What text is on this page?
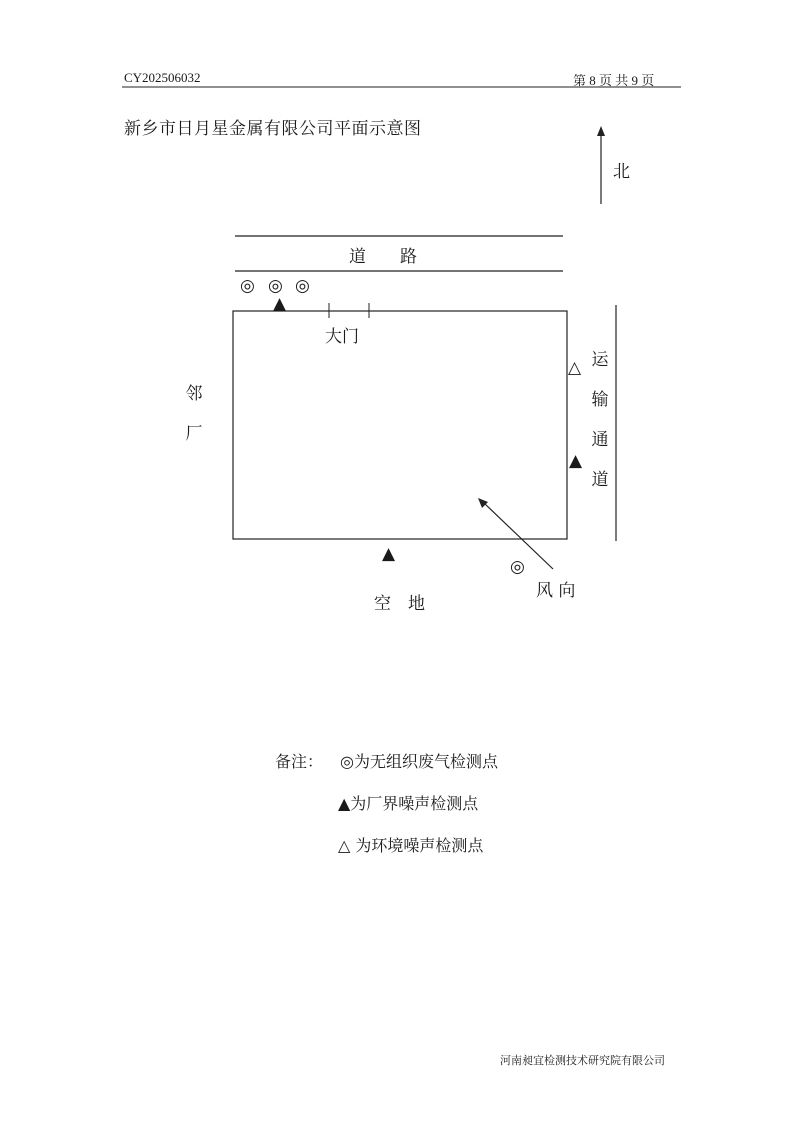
CY202506032	第 8 页 共 9 页
新乡市日月星金属有限公司平面示意图
北
道　　路
◎ ◎ ◎
▲
大门
邻
厂
△
▲
运
输
通
道
▲
◎
风 向
空　地
备注： ◎为无组织废气检测点
▲为厂界噪声检测点
△ 为环境噪声检测点
河南昶宜检测技术研究院有限公司
